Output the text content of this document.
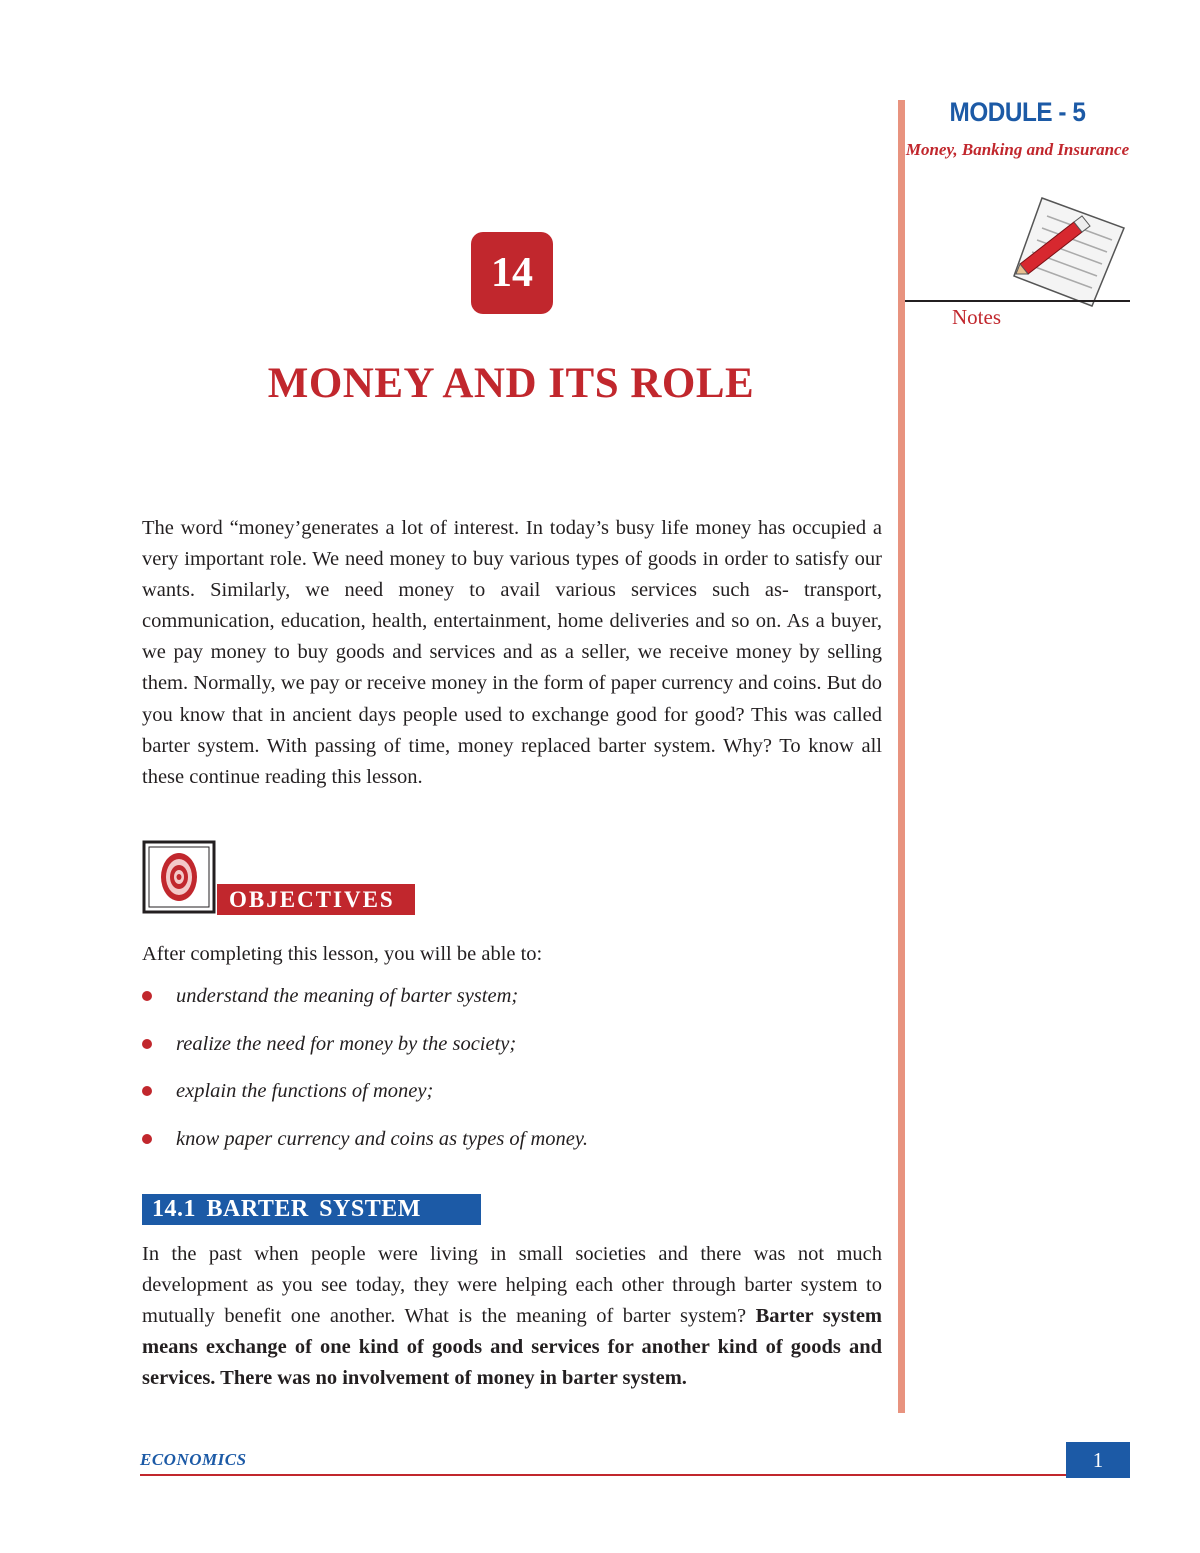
MODULE - 5
Money, Banking and Insurance
Notes
14
MONEY AND ITS ROLE

The word “money’generates a lot of interest. In today’s busy life money has occupied a very important role. We need money to buy various types of goods in order to satisfy our wants. Similarly, we need money to avail various services such as- transport, communication, education, health, entertainment, home deliveries and so on. As a buyer, we pay money to buy goods and services and as a seller, we receive money by selling them. Normally, we pay or receive money in the form of paper currency and coins. But do you know that in ancient days people used to exchange good for good? This was called barter system. With passing of time, money replaced barter system. Why? To know all these continue reading this lesson.

OBJECTIVES
After completing this lesson, you will be able to:
understand the meaning of barter system;
realize the need for money by the society;
explain the functions of money;
know paper currency and coins as types of money.
14.1 BARTER SYSTEM

In the past when people were living in small societies and there was not much development as you see today, they were helping each other through barter system to mutually benefit one another. What is the meaning of barter system? Barter system means exchange of one kind of goods and services for another kind of goods and services. There was no involvement of money in barter system.

ECONOMICS	1
